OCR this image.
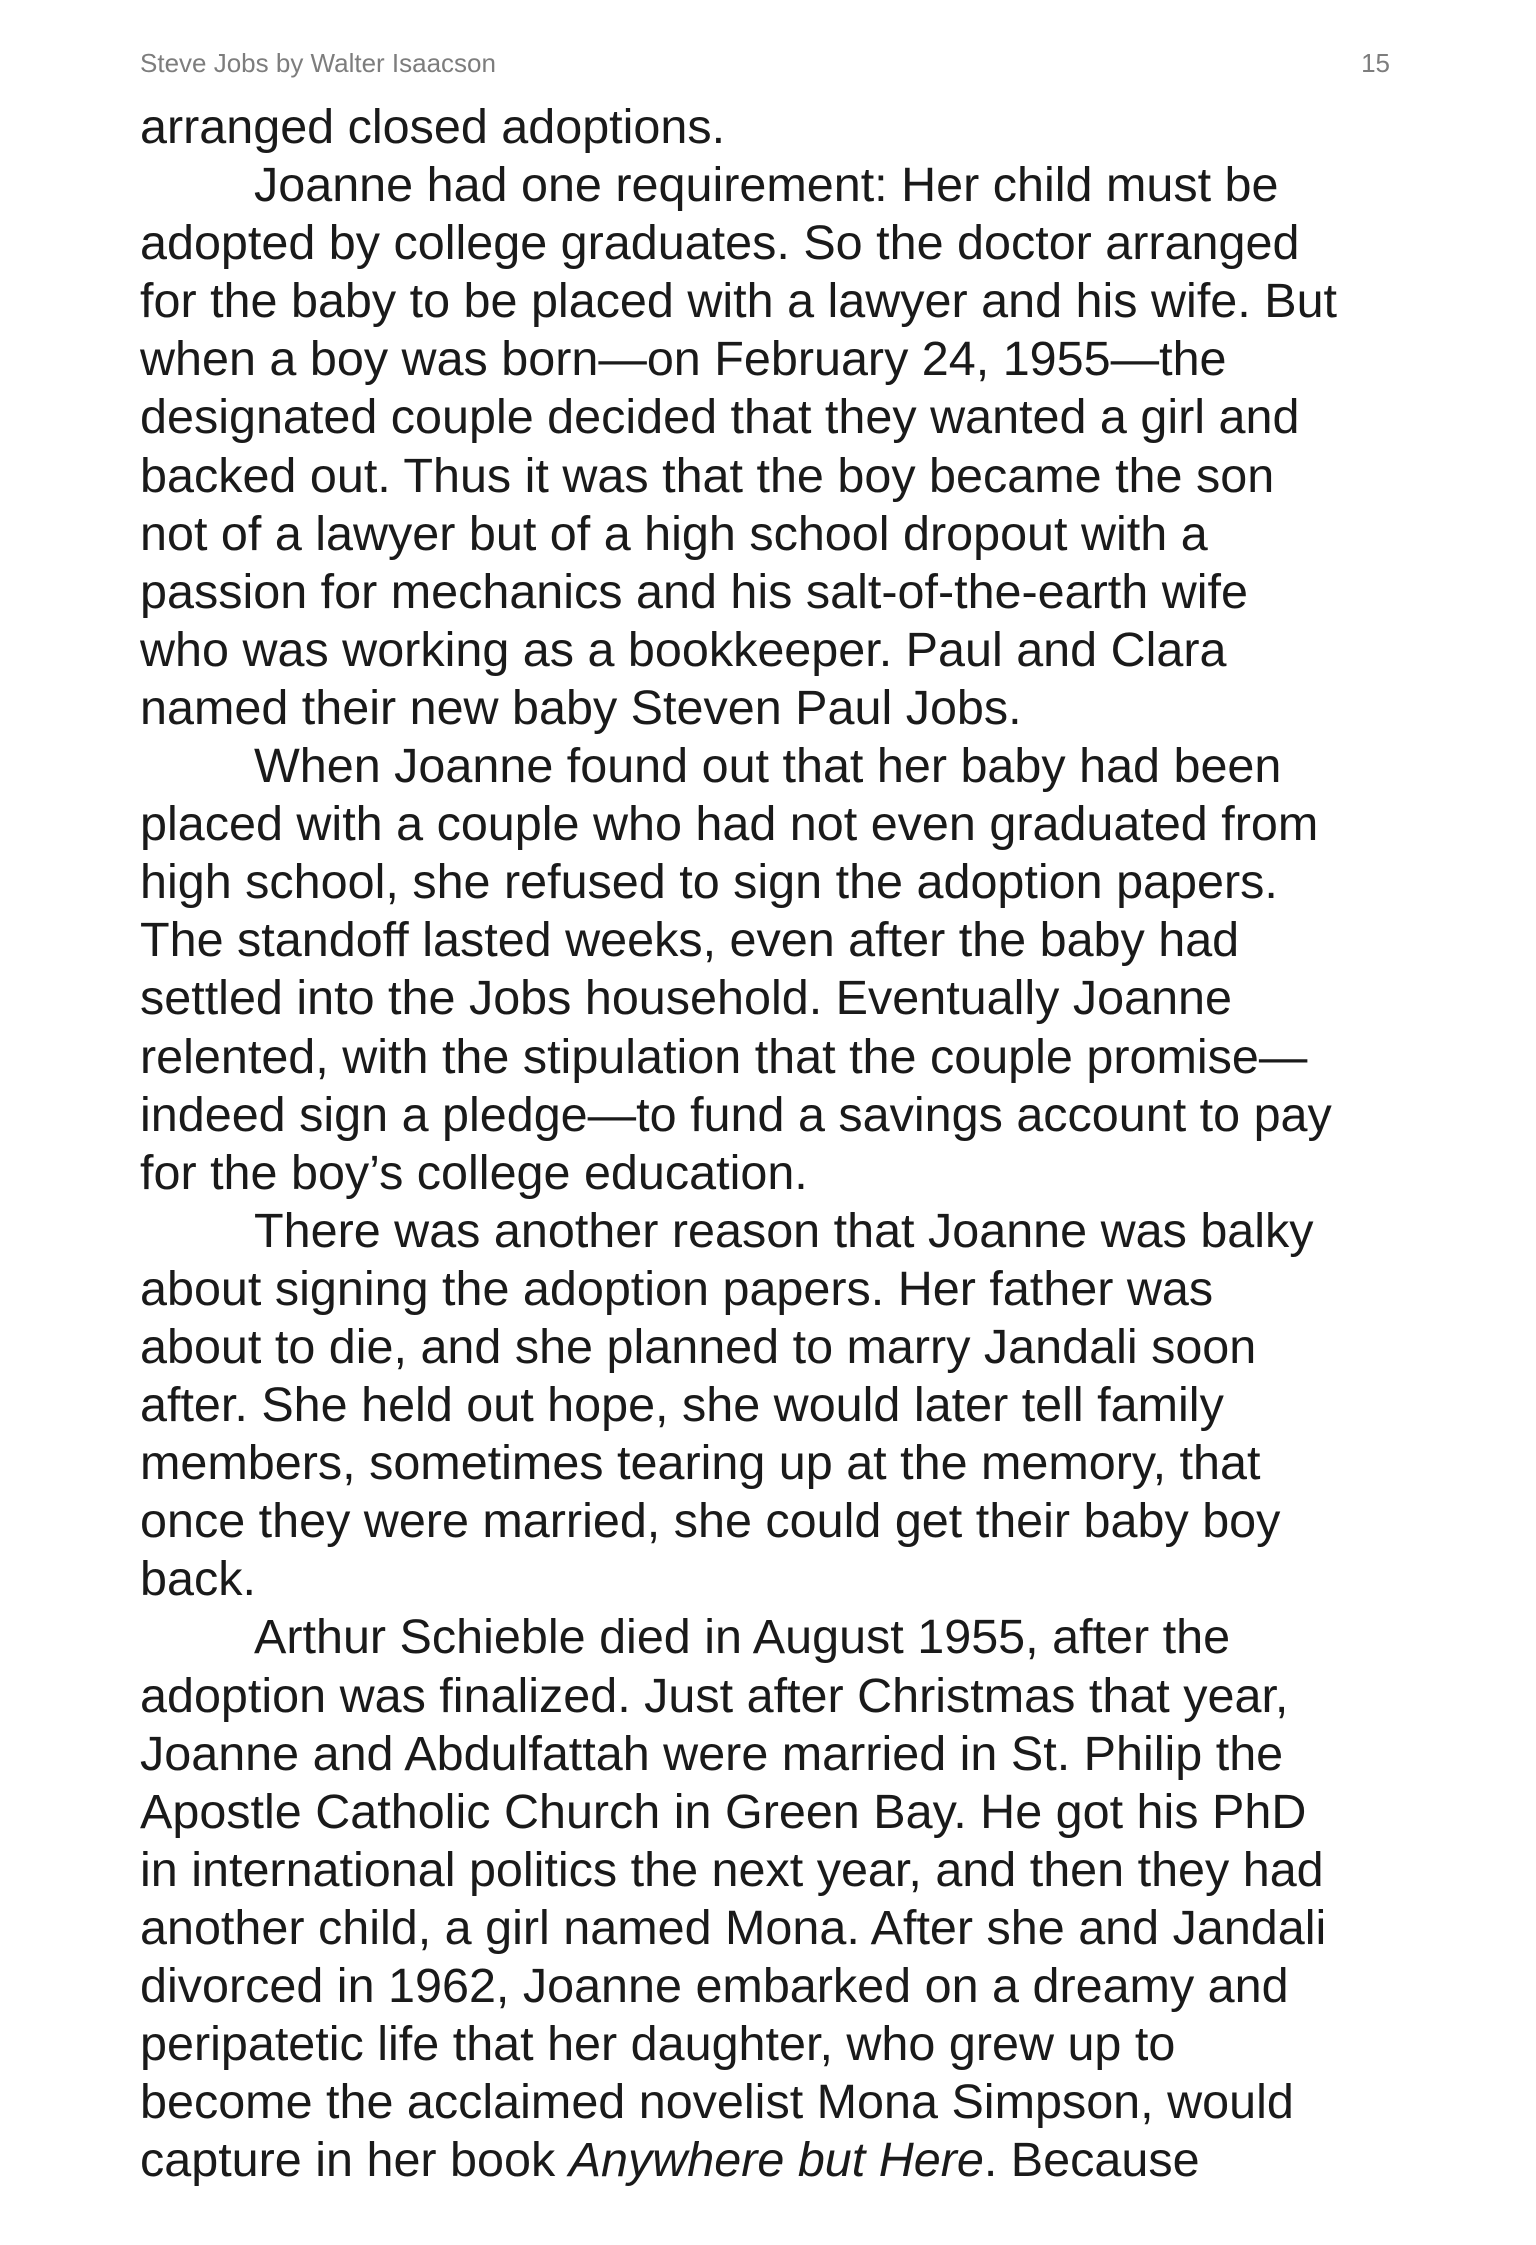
Steve Jobs by Walter Isaacson	15
arranged closed adoptions.
Joanne had one requirement: Her child must be
adopted by college graduates. So the doctor arranged
for the baby to be placed with a lawyer and his wife. But
when a boy was born—on February 24, 1955—the
designated couple decided that they wanted a girl and
backed out. Thus it was that the boy became the son
not of a lawyer but of a high school dropout with a
passion for mechanics and his salt-of-the-earth wife
who was working as a bookkeeper. Paul and Clara
named their new baby Steven Paul Jobs.
When Joanne found out that her baby had been
placed with a couple who had not even graduated from
high school, she refused to sign the adoption papers.
The standoff lasted weeks, even after the baby had
settled into the Jobs household. Eventually Joanne
relented, with the stipulation that the couple promise—
indeed sign a pledge—to fund a savings account to pay
for the boy’s college education.
There was another reason that Joanne was balky
about signing the adoption papers. Her father was
about to die, and she planned to marry Jandali soon
after. She held out hope, she would later tell family
members, sometimes tearing up at the memory, that
once they were married, she could get their baby boy
back.
Arthur Schieble died in August 1955, after the
adoption was finalized. Just after Christmas that year,
Joanne and Abdulfattah were married in St. Philip the
Apostle Catholic Church in Green Bay. He got his PhD
in international politics the next year, and then they had
another child, a girl named Mona. After she and Jandali
divorced in 1962, Joanne embarked on a dreamy and
peripatetic life that her daughter, who grew up to
become the acclaimed novelist Mona Simpson, would
capture in her book Anywhere but Here. Because
